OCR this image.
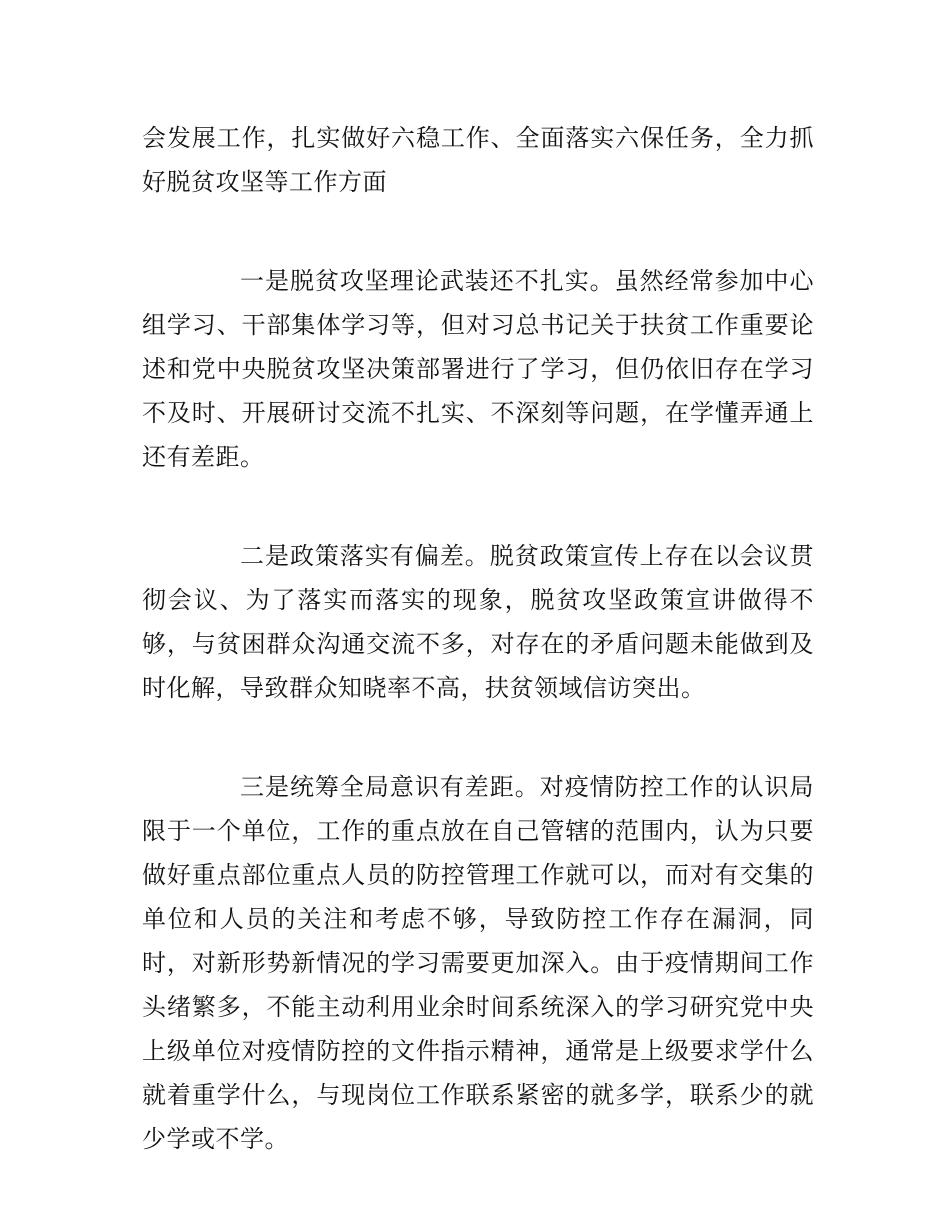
会发展工作，扎实做好六稳工作、全面落实六保任务，全力抓好脱贫攻坚等工作方面

一是脱贫攻坚理论武装还不扎实。虽然经常参加中心组学习、干部集体学习等，但对习总书记关于扶贫工作重要论述和党中央脱贫攻坚决策部署进行了学习，但仍依旧存在学习不及时、开展研讨交流不扎实、不深刻等问题，在学懂弄通上还有差距。

二是政策落实有偏差。脱贫政策宣传上存在以会议贯彻会议、为了落实而落实的现象，脱贫攻坚政策宣讲做得不够，与贫困群众沟通交流不多，对存在的矛盾问题未能做到及时化解，导致群众知晓率不高，扶贫领域信访突出。

三是统筹全局意识有差距。对疫情防控工作的认识局限于一个单位，工作的重点放在自己管辖的范围内，认为只要做好重点部位重点人员的防控管理工作就可以，而对有交集的单位和人员的关注和考虑不够，导致防控工作存在漏洞，同时，对新形势新情况的学习需要更加深入。由于疫情期间工作头绪繁多，不能主动利用业余时间系统深入的学习研究党中央上级单位对疫情防控的文件指示精神，通常是上级要求学什么就着重学什么，与现岗位工作联系紧密的就多学，联系少的就少学或不学。
